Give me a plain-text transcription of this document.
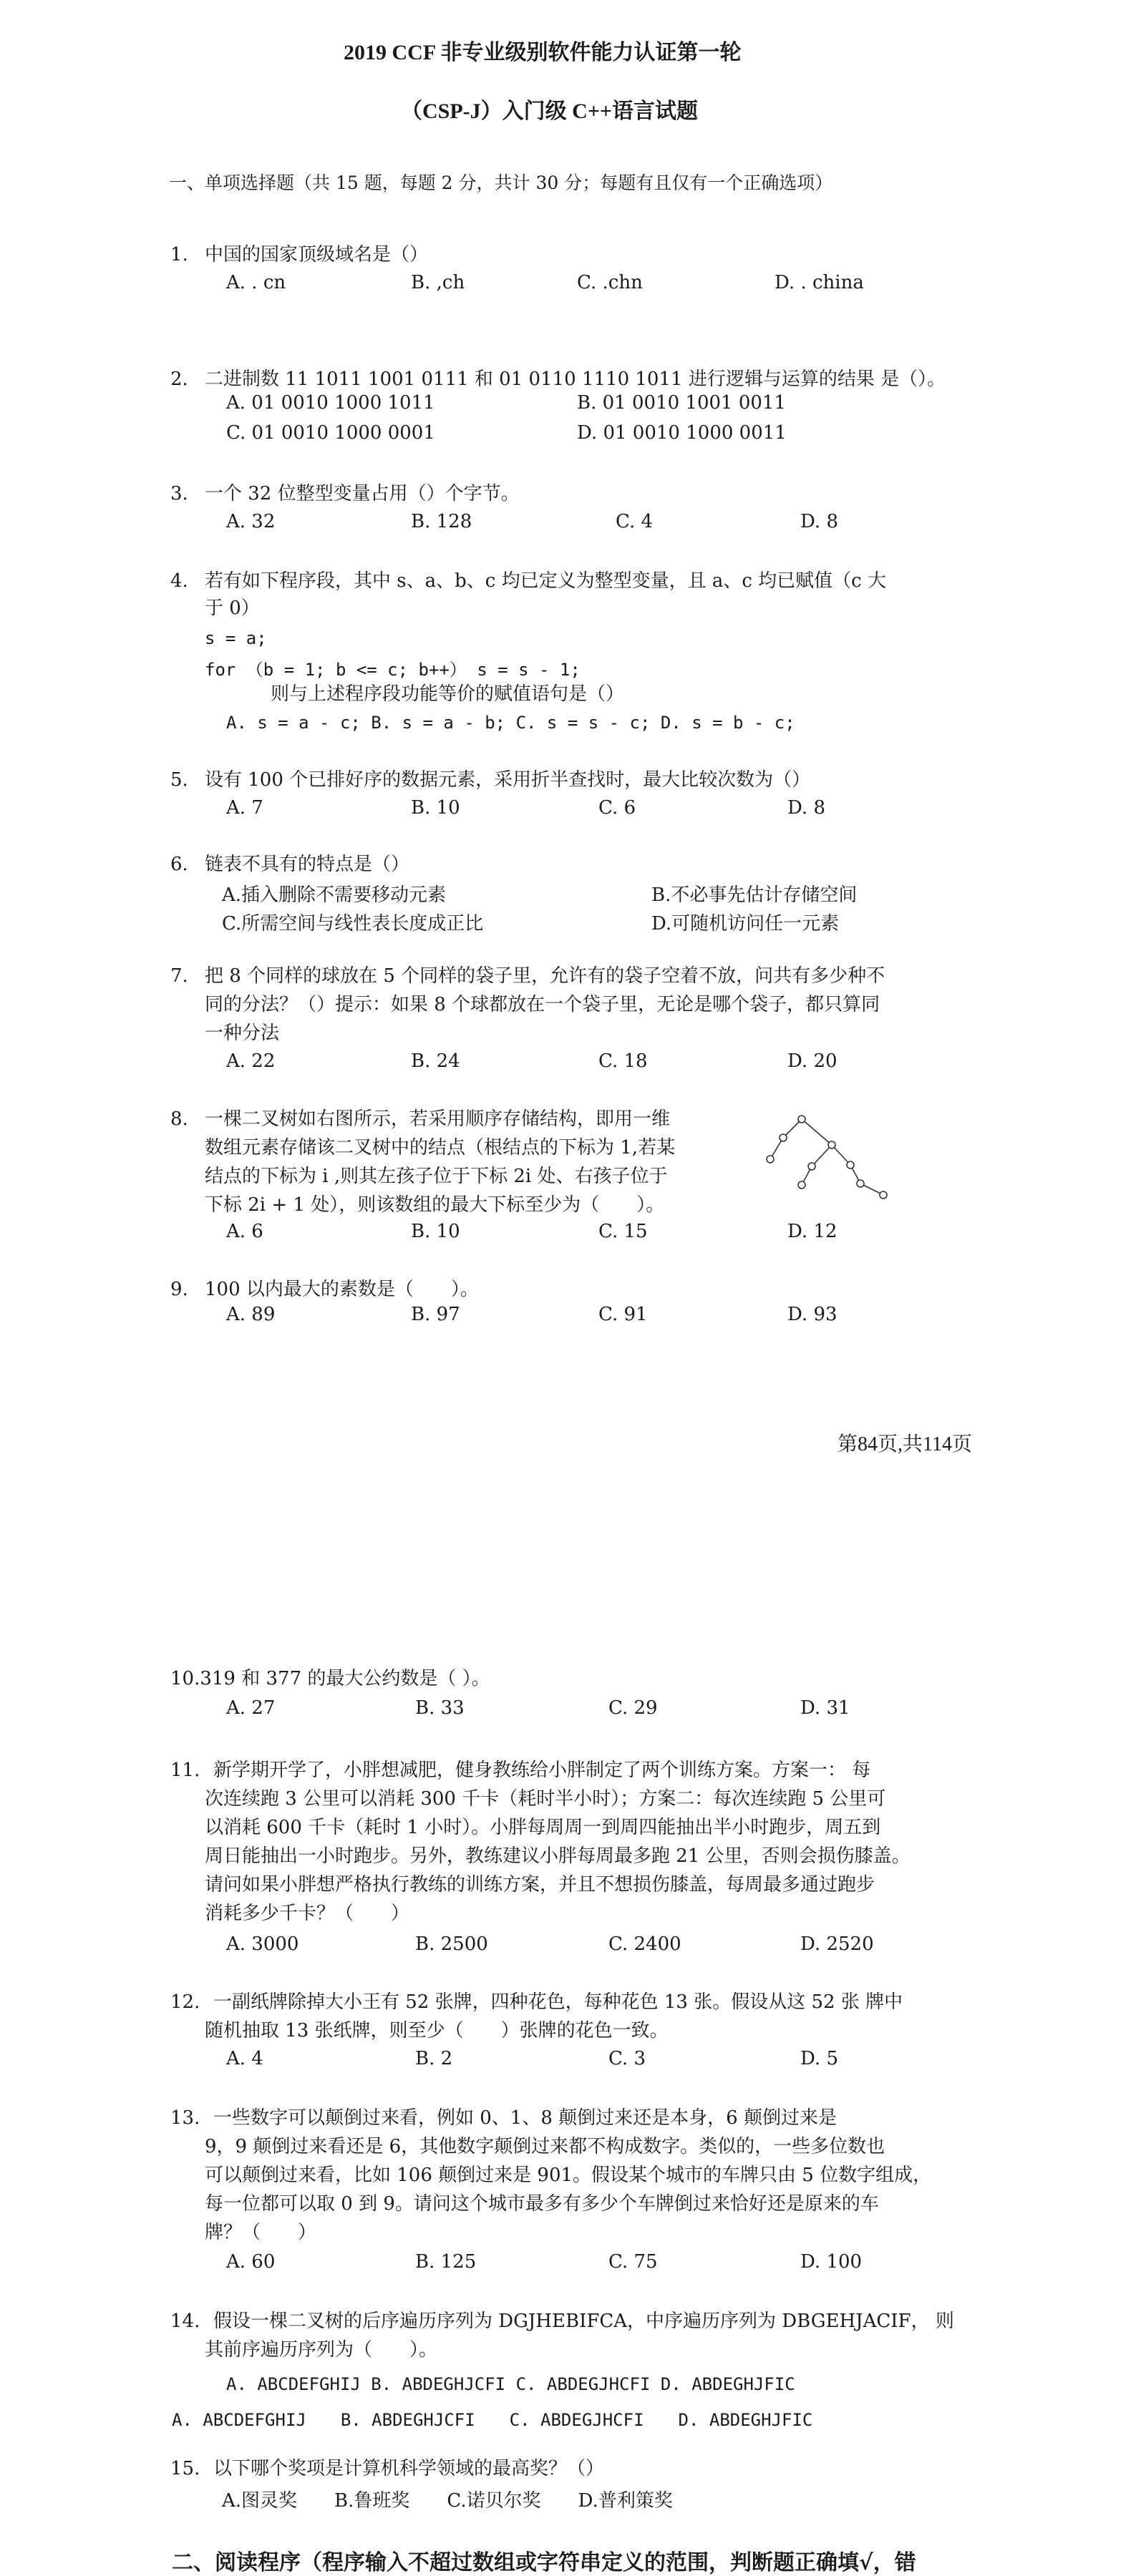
2019 CCF 非专业级别软件能力认证第一轮
（CSP-J）入门级 C++语言试题
一、单项选择题（共 15 题，每题 2 分，共计 30 分；每题有且仅有一个正确选项）
1. 中国的国家顶级域名是（）
A. . cn	B. ,ch	C. .chn	D. . china
2. 二进制数 11 1011 1001 0111 和 01 0110 1110 1011 进行逻辑与运算的结果 是（）。
A. 01 0010 1000 1011	B. 01 0010 1001 0011
C. 01 0010 1000 0001	D. 01 0010 1000 0011
3. 一个 32 位整型变量占用（）个字节。
A. 32	B. 128	C. 4	D. 8
4. 若有如下程序段，其中 s、a、b、c 均已定义为整型变量，且 a、c 均已赋值（c 大
于 0）
s = a;
for （b = 1; b <= c; b++） s = s - 1;
则与上述程序段功能等价的赋值语句是（）
A. s = a - c; B. s = a - b; C. s = s - c; D. s = b - c;
5. 设有 100 个已排好序的数据元素，采用折半查找时，最大比较次数为（）
A. 7	B. 10	C. 6	D. 8
6. 链表不具有的特点是（）
A.插入删除不需要移动元素	B.不必事先估计存储空间
C.所需空间与线性表长度成正比	D.可随机访问任一元素
7. 把 8 个同样的球放在 5 个同样的袋子里，允许有的袋子空着不放，问共有多少种不
同的分法？（）提示：如果 8 个球都放在一个袋子里，无论是哪个袋子，都只算同
一种分法
A. 22	B. 24	C. 18	D. 20
8. 一棵二叉树如右图所示，若采用顺序存储结构，即用一维
数组元素存储该二叉树中的结点（根结点的下标为 1,若某
结点的下标为 i ,则其左孩子位于下标 2i 处、右孩子位于
下标 2i + 1 处），则该数组的最大下标至少为（　　）。
A. 6	B. 10	C. 15	D. 12
9. 100 以内最大的素数是（　　）。
A. 89	B. 97	C. 91	D. 93
第84页,共114页
10.319 和 377 的最大公约数是（ ）。
A. 27	B. 33	C. 29	D. 31
11. 新学期开学了，小胖想减肥，健身教练给小胖制定了两个训练方案。方案一： 每
次连续跑 3 公里可以消耗 300 千卡（耗时半小时）；方案二：每次连续跑 5 公里可
以消耗 600 千卡（耗时 1 小时）。小胖每周周一到周四能抽出半小时跑步，周五到
周日能抽出一小时跑步。另外，教练建议小胖每周最多跑 21 公里，否则会损伤膝盖。
请问如果小胖想严格执行教练的训练方案，并且不想损伤膝盖，每周最多通过跑步
消耗多少千卡？（　　）
A. 3000	B. 2500	C. 2400	D. 2520
12. 一副纸牌除掉大小王有 52 张牌，四种花色，每种花色 13 张。假设从这 52 张 牌中
随机抽取 13 张纸牌，则至少（　　）张牌的花色一致。
A. 4	B. 2	C. 3	D. 5
13. 一些数字可以颠倒过来看，例如 0、1、8 颠倒过来还是本身，6 颠倒过来是
9，9 颠倒过来看还是 6，其他数字颠倒过来都不构成数字。类似的，一些多位数也
可以颠倒过来看，比如 106 颠倒过来是 901。假设某个城市的车牌只由 5 位数字组成，
每一位都可以取 0 到 9。请问这个城市最多有多少个车牌倒过来恰好还是原来的车
牌？（　　）
A. 60	B. 125	C. 75	D. 100
14. 假设一棵二叉树的后序遍历序列为 DGJHEBIFCA，中序遍历序列为 DBGEHJACIF， 则
其前序遍历序列为（　　）。
A. ABCDEFGHIJ B. ABDEGHJCFI C. ABDEGJHCFI D. ABDEGHJFIC
A. ABCDEFGHIJ　　B. ABDEGHJCFI　　C. ABDEGJHCFI　　D. ABDEGHJFIC
15. 以下哪个奖项是计算机科学领域的最高奖？（）
A.图灵奖　　B.鲁班奖　　C.诺贝尔奖　　D.普利策奖
二、阅读程序（程序输入不超过数组或字符串定义的范围，判断题正确填√，错
